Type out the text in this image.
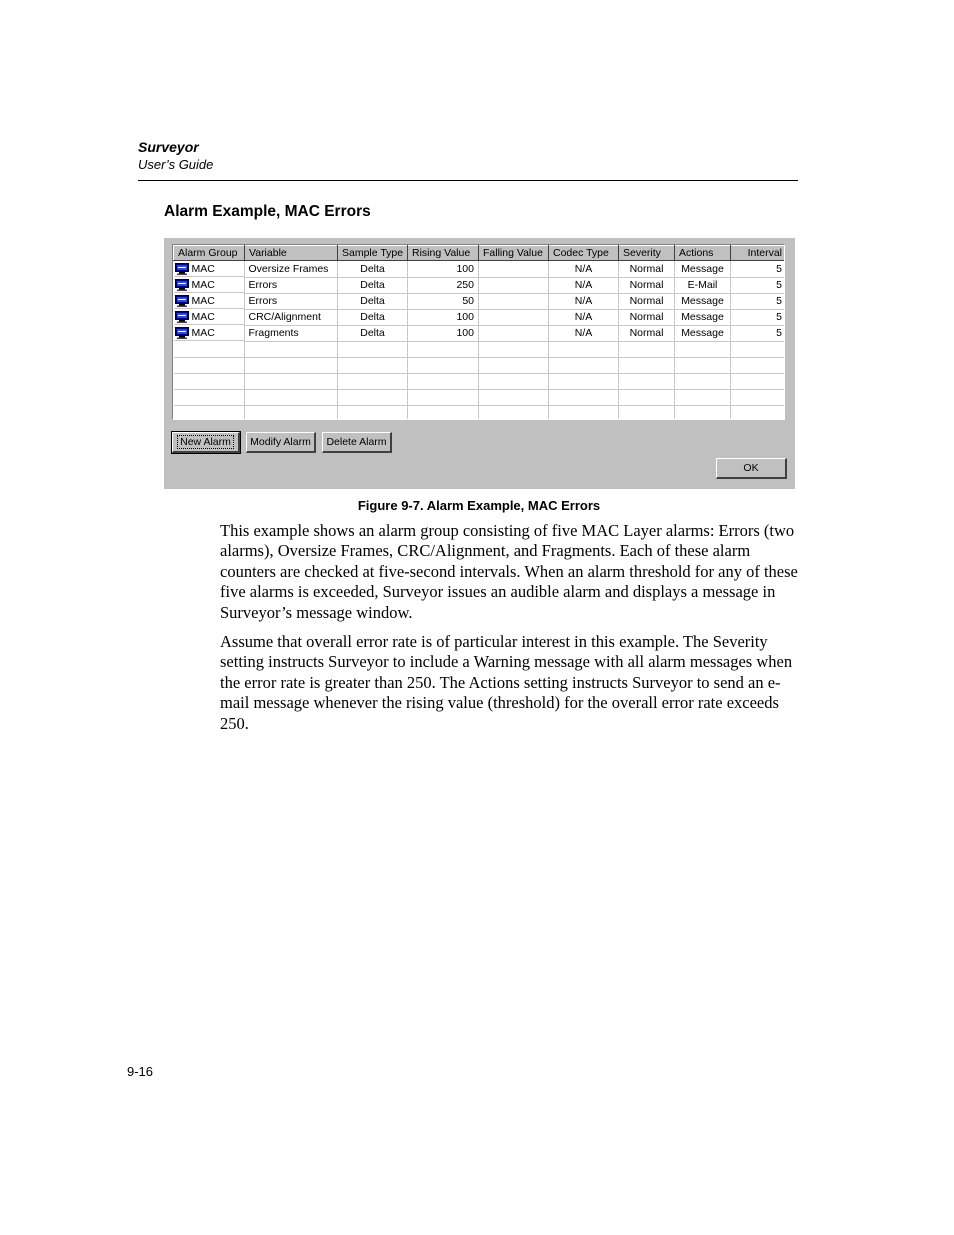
Surveyor
User’s Guide
Alarm Example, MAC Errors
Alarm Group	Variable	Sample Type	Rising Value	Falling Value	Codec Type	Severity	Actions	Interval

MAC	Oversize Frames	Delta	100		N/A	Normal	Message	5

MAC	Errors	Delta	250		N/A	Normal	E-Mail	5

MAC	Errors	Delta	50		N/A	Normal	Message	5

MAC	CRC/Alignment	Delta	100		N/A	Normal	Message	5

MAC	Fragments	Delta	100		N/A	Normal	Message	5

New Alarm	Modify Alarm	Delete Alarm
OK
Figure 9-7. Alarm Example, MAC Errors

This example shows an alarm group consisting of five MAC Layer alarms: Errors (two alarms), Oversize Frames, CRC/Alignment, and Fragments. Each of these alarm counters are checked at five-second intervals. When an alarm threshold for any of these five alarms is exceeded, Surveyor issues an audible alarm and displays a message in Surveyor’s message window.

Assume that overall error rate is of particular interest in this example. The Severity setting instructs Surveyor to include a Warning message with all alarm messages when the error rate is greater than 250. The Actions setting instructs Surveyor to send an e-mail message whenever the rising value (threshold) for the overall error rate exceeds 250.

9-16
